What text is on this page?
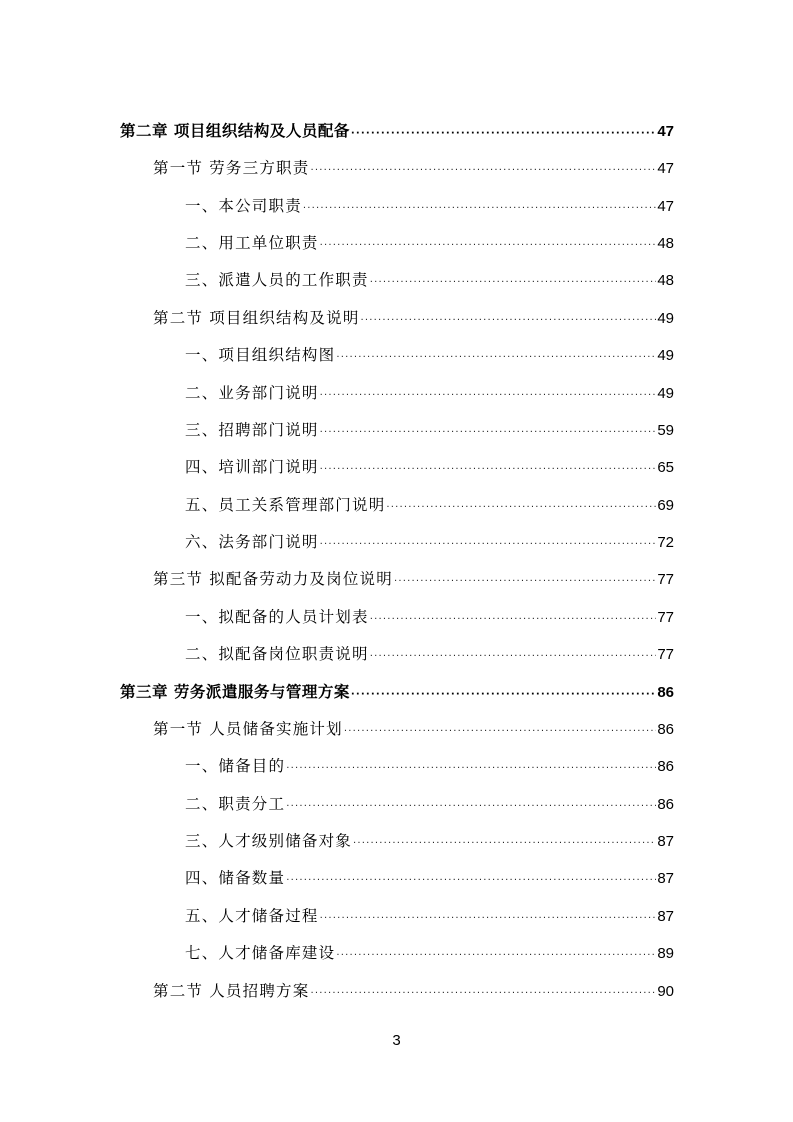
第二章 项目组织结构及人员配备 ·····	47
第一节 劳务三方职责 ·····	47
一、本公司职责 ·····	47
二、用工单位职责 ·····	48
三、派遣人员的工作职责 ·····	48
第二节 项目组织结构及说明 ·····	49
一、项目组织结构图 ·····	49
二、业务部门说明 ·····	49
三、招聘部门说明 ·····	59
四、培训部门说明 ·····	65
五、员工关系管理部门说明 ·····	69
六、法务部门说明 ·····	72
第三节 拟配备劳动力及岗位说明 ·····	77
一、拟配备的人员计划表 ·····	77
二、拟配备岗位职责说明 ·····	77
第三章 劳务派遣服务与管理方案 ·····	86
第一节 人员储备实施计划 ·····	86
一、储备目的 ·····	86
二、职责分工 ·····	86
三、人才级别储备对象 ·····	87
四、储备数量 ·····	87
五、人才储备过程 ·····	87
七、人才储备库建设 ·····	89
第二节 人员招聘方案 ·····	90
3
